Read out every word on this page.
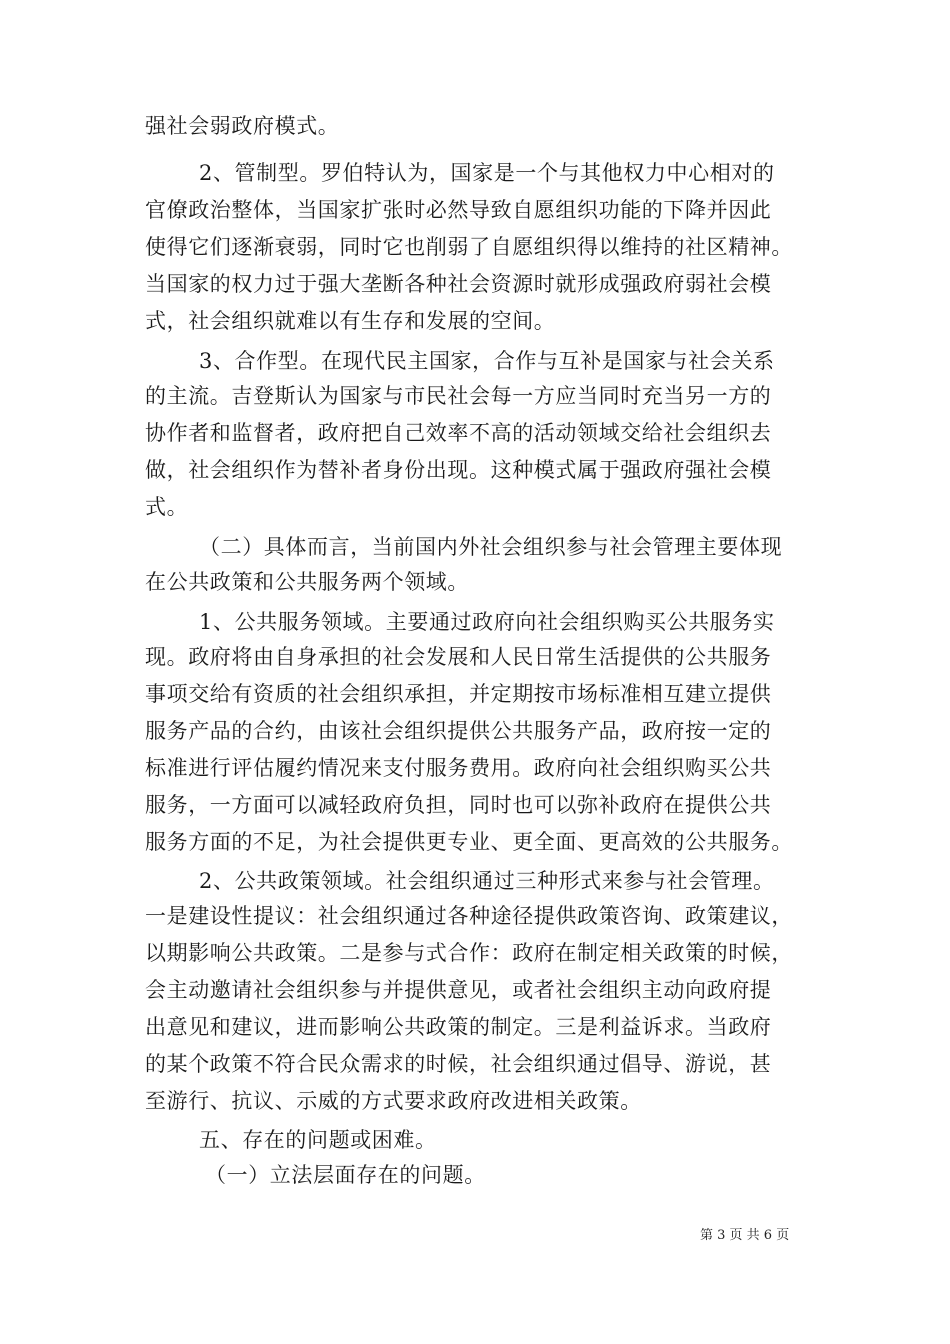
强社会弱政府模式。
2、管制型。罗伯特认为，国家是一个与其他权力中心相对的
官僚政治整体，当国家扩张时必然导致自愿组织功能的下降并因此
使得它们逐渐衰弱，同时它也削弱了自愿组织得以维持的社区精神。
当国家的权力过于强大垄断各种社会资源时就形成强政府弱社会模
式，社会组织就难以有生存和发展的空间。
3、合作型。在现代民主国家，合作与互补是国家与社会关系
的主流。吉登斯认为国家与市民社会每一方应当同时充当另一方的
协作者和监督者，政府把自己效率不高的活动领域交给社会组织去
做，社会组织作为替补者身份出现。这种模式属于强政府强社会模
式。
（二）具体而言，当前国内外社会组织参与社会管理主要体现
在公共政策和公共服务两个领域。
1、公共服务领域。主要通过政府向社会组织购买公共服务实
现。政府将由自身承担的社会发展和人民日常生活提供的公共服务
事项交给有资质的社会组织承担，并定期按市场标准相互建立提供
服务产品的合约，由该社会组织提供公共服务产品，政府按一定的
标准进行评估履约情况来支付服务费用。政府向社会组织购买公共
服务，一方面可以减轻政府负担，同时也可以弥补政府在提供公共
服务方面的不足，为社会提供更专业、更全面、更高效的公共服务。
2、公共政策领域。社会组织通过三种形式来参与社会管理。
一是建设性提议：社会组织通过各种途径提供政策咨询、政策建议，
以期影响公共政策。二是参与式合作：政府在制定相关政策的时候，
会主动邀请社会组织参与并提供意见，或者社会组织主动向政府提
出意见和建议，进而影响公共政策的制定。三是利益诉求。当政府
的某个政策不符合民众需求的时候，社会组织通过倡导、游说，甚
至游行、抗议、示威的方式要求政府改进相关政策。
五、存在的问题或困难。
（一）立法层面存在的问题。
第 3 页 共 6 页
